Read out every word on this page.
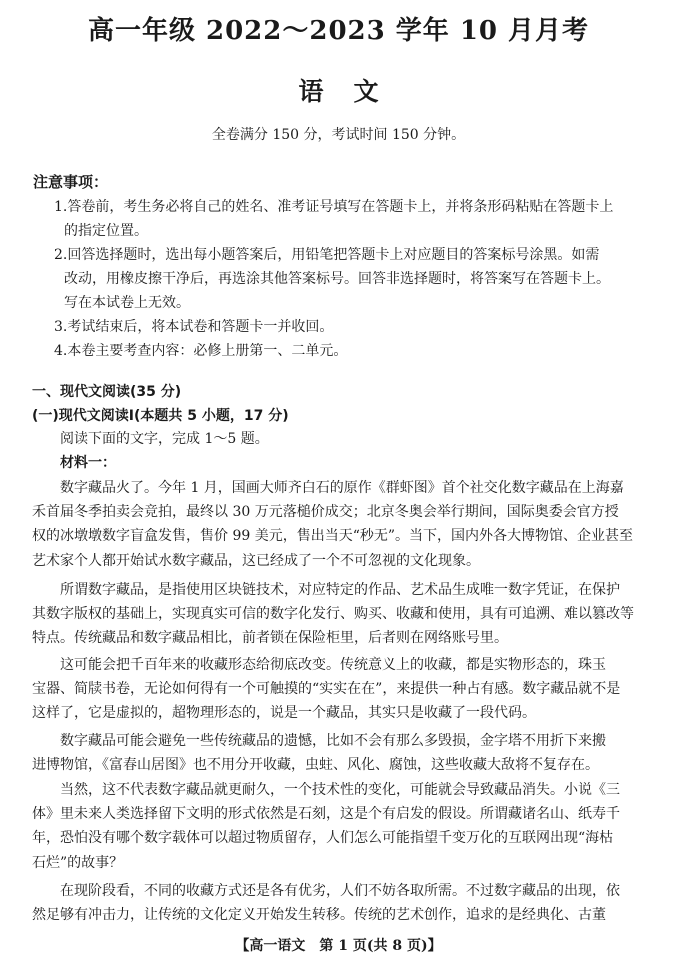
高一年级 2022～2023 学年 10 月月考
语文
全卷满分 150 分，考试时间 150 分钟。
注意事项：
1.答卷前，考生务必将自己的姓名、准考证号填写在答题卡上，并将条形码粘贴在答题卡上
的指定位置。
2.回答选择题时，选出每小题答案后，用铅笔把答题卡上对应题目的答案标号涂黑。如需
改动，用橡皮擦干净后，再选涂其他答案标号。回答非选择题时，将答案写在答题卡上。
写在本试卷上无效。
3.考试结束后，将本试卷和答题卡一并收回。
4.本卷主要考查内容：必修上册第一、二单元。
一、现代文阅读(35 分)
(一)现代文阅读Ⅰ(本题共 5 小题，17 分)
阅读下面的文字，完成 1～5 题。
材料一：
数字藏品火了。今年 1 月，国画大师齐白石的原作《群虾图》首个社交化数字藏品在上海嘉
禾首届冬季拍卖会竞拍，最终以 30 万元落槌价成交；北京冬奥会举行期间，国际奥委会官方授
权的冰墩墩数字盲盒发售，售价 99 美元，售出当天“秒无”。当下，国内外各大博物馆、企业甚至
艺术家个人都开始试水数字藏品，这已经成了一个不可忽视的文化现象。
所谓数字藏品，是指使用区块链技术，对应特定的作品、艺术品生成唯一数字凭证，在保护
其数字版权的基础上，实现真实可信的数字化发行、购买、收藏和使用，具有可追溯、难以篡改等
特点。传统藏品和数字藏品相比，前者锁在保险柜里，后者则在网络账号里。
这可能会把千百年来的收藏形态给彻底改变。传统意义上的收藏，都是实物形态的，珠玉
宝器、简牍书卷，无论如何得有一个可触摸的“实实在在”，来提供一种占有感。数字藏品就不是
这样了，它是虚拟的，超物理形态的，说是一个藏品，其实只是收藏了一段代码。
数字藏品可能会避免一些传统藏品的遗憾，比如不会有那么多毁损，金字塔不用折下来搬
进博物馆，《富春山居图》也不用分开收藏，虫蛀、风化、腐蚀，这些收藏大敌将不复存在。
当然，这不代表数字藏品就更耐久，一个技术性的变化，可能就会导致藏品消失。小说《三
体》里未来人类选择留下文明的形式依然是石刻，这是个有启发的假设。所谓藏诸名山、纸寿千
年，恐怕没有哪个数字载体可以超过物质留存，人们怎么可能指望千变万化的互联网出现“海枯
石烂”的故事？
在现阶段看，不同的收藏方式还是各有优劣，人们不妨各取所需。不过数字藏品的出现，依
然足够有冲击力，让传统的文化定义开始发生转移。传统的艺术创作，追求的是经典化、古董
【高一语文　第 1 页(共 8 页)】
